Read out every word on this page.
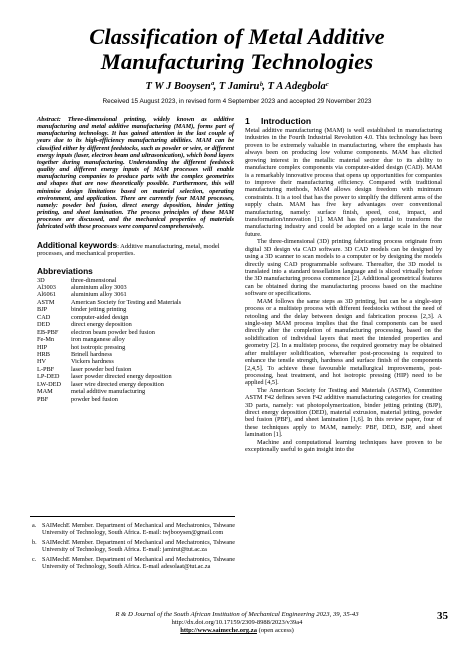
Classification of Metal Additive
Manufacturing Technologies
T W J Booysenª, T Jamiruᵇ, T A Adegbolaᶜ
Received 15 August 2023, in revised form 4 September 2023 and accepted 29 November 2023

Abstract: Three-dimensional printing, widely known as additive manufacturing and metal additive manufacturing (MAM), forms part of manufacturing technology. It has gained attention in the last couple of years due to its high-efficiency manufacturing abilities. MAM can be classified either by different feedstocks, such as powder or wire, or different energy inputs (laser, electron beam and ultrasonication), which bond layers together during manufacturing. Understanding the different feedstock quality and different energy inputs of MAM processes will enable manufacturing companies to produce parts with the complex geometries and shapes that are now theoretically possible. Furthermore, this will minimise design limitations based on material selection, operating environment, and application. There are currently four MAM processes, namely: powder bed fusion, direct energy deposition, binder jetting printing, and sheet lamination. The process principles of these MAM processes are discussed, and the mechanical properties of materials fabricated with these processes were compared comprehensively.

Additional keywords: Additive manufacturing, metal, model processes, and mechanical properties.

Abbreviations
3D	three-dimensional
Al3003	aluminium alloy 3003
Al6061	aluminium alloy 3061
ASTM	American Society for Testing and Materials
BJP	binder jetting printing
CAD	computer-aided design
DED	direct energy deposition
EB-PBF	electron beam powder bed fusion
Fe-Mn	iron manganese alloy
HIP	hot isotropic pressing
HRB	Brinell hardness
HV	Vickers hardness
L-PBF	laser powder bed fusion
LP-DED	laser powder directed energy deposition
LW-DED	laser wire directed energy deposition
MAM	metal additive manufacturing
PBF	powder bed fusion
a. SAIMechE Member. Department of Mechanical and Mechatronics, Tshwane University of Technology, South Africa. E-mail: twjbooysen@gmail.com
b. SAIMechE Member. Department of Mechanical and Mechatronics, Tshwane University of Technology, South Africa. E-mail: jamirut@tut.ac.za
c. SAIMechE Member. Department of Mechanical and Mechatronics, Tshwane University of Technology, South Africa. E-mail adesolaat@tut.ac.za
1 Introduction

Metal additive manufacturing (MAM) is well established in manufacturing industries in the Fourth Industrial Revolution 4.0. This technology has been proven to be extremely valuable in manufacturing, where the emphasis has always been on producing low volume components. MAM has elicited growing interest in the metallic material sector due to its ability to manufacture complex components via computer-aided design (CAD). MAM is a remarkably innovative process that opens up opportunities for companies to improve their manufacturing efficiency. Compared with traditional manufacturing methods, MAM allows design freedom with minimum constraints. It is a tool that has the power to simplify the different arms of the supply chain. MAM has five key advantages over conventional manufacturing, namely: surface finish, speed, cost, impact, and transformation/innovation [1]. MAM has the potential to transform the manufacturing industry and could be adopted on a large scale in the near future.

The three-dimensional (3D) printing fabricating process originate from digital 3D design via CAD software. 3D CAD models can be designed by using a 3D scanner to scan models to a computer or by designing the models directly using CAD programmable software. Thereafter, the 3D model is translated into a standard tessellation language and is sliced virtually before the 3D manufacturing process commence [2]. Additional geometrical features can be obtained during the manufacturing process based on the machine software or specifications.

MAM follows the same steps as 3D printing, but can be a single-step process or a multistep process with different feedstocks without the need of retooling and the delay between design and fabrication process [2,3]. A single-step MAM process implies that the final components can be used directly after the completion of manufacturing processing, based on the solidification of individual layers that meet the intended properties and geometry [2]. In a multistep process, the required geometry may be obtained after multilayer solidification, whereafter post-processing is required to enhance the tensile strength, hardness and surface finish of the components [2,4,5]. To achieve these favourable metallurgical improvements, post-processing, heat treatment, and hot isotropic pressing (HIP) need to be applied [4,5].

The American Society for Testing and Materials (ASTM), Committee ASTM F42 defines seven F42 additive manufacturing categories for creating 3D parts, namely: vat photopolymerization, binder jetting printing (BJP), direct energy deposition (DED), material extrusion, material jetting, powder bed fusion (PBF), and sheet lamination [1,6]. In this review paper, four of these techniques apply to MAM, namely: PBF, DED, BJP, and sheet lamination [1].

Machine and computational learning techniques have proven to be exceptionally useful to gain insight into the

R & D Journal of the South African Institution of Mechanical Engineering 2023, 39, 35-43
http://dx.doi.org/10.17159/2309-8988/2023/v39a4
http://www.saimeche.org.za (open access)
35
